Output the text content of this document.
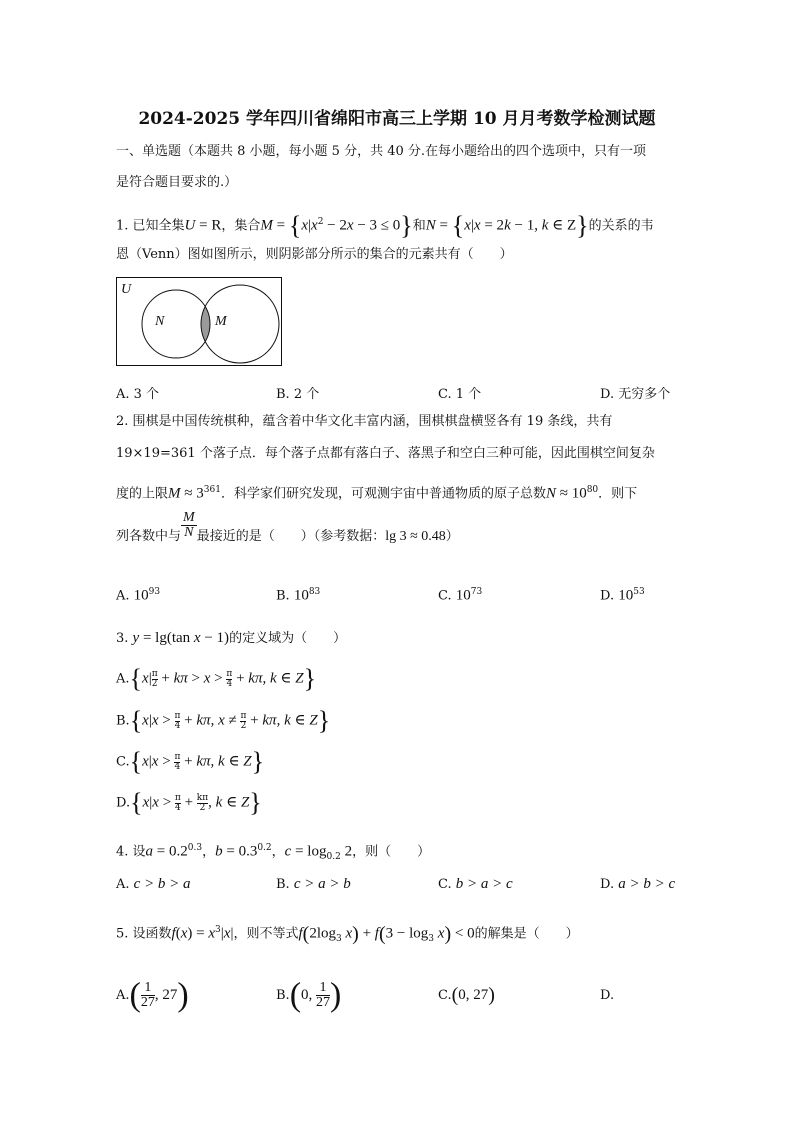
2024-2025 学年四川省绵阳市高三上学期 10 月月考数学检测试题
一、单选题（本题共 8 小题，每小题 5 分，共 40 分.在每小题给出的四个选项中，只有一项
是符合题目要求的.）
1. 已知全集U = R，集合$M = \{x|x^2 - 2x - 3 \le 0\}$和N = {x|x = 2k − 1, k ∈ Z}的关系的韦
恩（Venn）图如图所示，则阴影部分所示的集合的元素共有（　　）
U
N	M
A. 3 个	B. 2 个	C. 1 个	D. 无穷多个
2. 围棋是中国传统棋种，蕴含着中华文化丰富内涵，围棋棋盘横竖各有 19 条线，共有
19×19=361 个落子点．每个落子点都有落白子、落黑子和空白三种可能，因此围棋空间复杂
度的上限$M \approx 3^{361}$．科学家们研究发现，可观测宇宙中普通物质的原子总数$N \approx 10^{80}$．则下
列各数中与 $\frac{M}{N}$ 最接近的是（　　）（参考数据：lg 3 ≈ 0.48）
A. $10^{93}$	B. $10^{83}$	C. $10^{73}$	D. $10^{53}$
3. y = lg(tan x − 1)的定义域为（　　）
$A.\{x| \frac{\pi}{2} + k\pi > x > \frac{\pi}{4} + k\pi$, k ∈ Z}
$B.\{x|x > \frac{\pi}{4} + k\pi$, $x \ne \frac{\pi}{2} + k\pi$, k ∈ Z}
$C.\{x|x > \frac{\pi}{4} + k\pi$, k ∈ Z}
$D.\{x|x > \frac{\pi}{4} + \frac{k\pi}{2}$, k ∈ Z}
4. 设$a = 0.2^{0.3}$，$b = 0.3^{0.2}$，$c = \log_{0.2} 2$，则（　　）
A. c > b > a	B. c > a > b	C. b > a > c	D. a > b > c
5. 设函数$f(x) = x^3|x|$，则不等式$f(2\log_3$ $x) + f(3 - \log_3 x) < 0$的解集是（　　）
$A.( \frac{1}{27}$ , 27)	B.(0, $\frac{1}{27}$ )	C.(0, 27)	D.
